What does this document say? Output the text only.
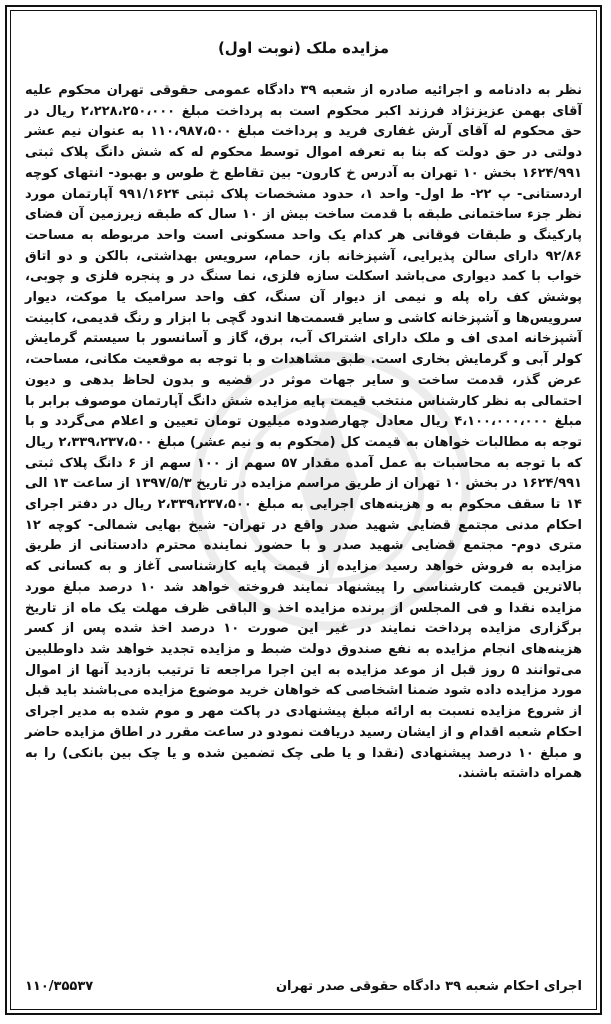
مزایده ملک (نوبت اول)

نظر به دادنامه و اجرائیه صادره از شعبه ۳۹ دادگاه عمومی حقوقی تهران محکوم علیه آقای بهمن عزیزنژاد فرزند اکبر محکوم است به پرداخت مبلغ ۲،۲۲۸،۲۵۰،۰۰۰ ریال در حق محکوم له آقای آرش غفاری فرید و پرداخت مبلغ ۱۱۰،۹۸۷،۵۰۰ به عنوان نیم عشر دولتی در حق دولت که بنا به تعرفه اموال توسط محکوم له که شش دانگ پلاک ثبتی ۱۶۲۴/۹۹۱ بخش ۱۰ تهران به آدرس خ کارون- بین تقاطع خ طوس و بهبود- انتهای کوچه اردستانی- پ ۲۲- ط اول- واحد ۱، حدود مشخصات پلاک ثبتی ۹۹۱/۱۶۲۴ آپارتمان مورد نظر جزء ساختمانی طبقه با قدمت ساخت بیش از ۱۰ سال که طبقه زیرزمین آن فضای پارکینگ و طبقات فوقانی هر کدام یک واحد مسکونی است واحد مربوطه به مساحت ۹۲/۸۶ دارای سالن پذیرایی، آشپزخانه باز، حمام، سرویس بهداشتی، بالکن و دو اتاق خواب با کمد دیواری می‌باشد اسکلت سازه فلزی، نما سنگ در و پنجره فلزی و چوبی، پوشش کف راه پله و نیمی از دیوار آن سنگ، کف واحد سرامیک یا موکت، دیوار سرویس‌ها و آشپزخانه کاشی و سایر قسمت‌ها اندود گچی با ابزار و رنگ قدیمی، کابینت آشپزخانه امدی اف و ملک دارای اشتراک آب، برق، گاز و آسانسور با سیستم گرمایش کولر آبی و گرمایش بخاری است. طبق مشاهدات و با توجه به موقعیت مکانی، مساحت، عرض گذر، قدمت ساخت و سایر جهات موثر در قضیه و بدون لحاظ بدهی و دیون احتمالی به نظر کارشناس منتخب قیمت پایه مزایده شش دانگ آپارتمان موصوف برابر با مبلغ ۴،۱۰۰،۰۰۰،۰۰۰ ریال معادل چهارصدوده میلیون تومان تعیین و اعلام می‌گردد و با توجه به مطالبات خواهان به قیمت کل (محکوم به و نیم عشر) مبلغ ۲،۳۳۹،۲۳۷،۵۰۰ ریال که با توجه به محاسبات به عمل آمده مقدار ۵۷ سهم از ۱۰۰ سهم از ۶ دانگ پلاک ثبتی ۱۶۲۴/۹۹۱ در بخش ۱۰ تهران از طریق مراسم مزایده در تاریخ ۱۳۹۷/۵/۳ از ساعت ۱۳ الی ۱۴ تا سقف محکوم به و هزینه‌های اجرایی به مبلغ ۲،۳۳۹،۲۳۷،۵۰۰ ریال در دفتر اجرای احکام مدنی مجتمع قضایی شهید صدر واقع در تهران- شیخ بهایی شمالی- کوچه ۱۲ متری دوم- مجتمع قضایی شهید صدر و با حضور نماینده محترم دادستانی از طریق مزایده به فروش خواهد رسید مزایده از قیمت پایه کارشناسی آغاز و به کسانی که بالاترین قیمت کارشناسی را پیشنهاد نمایند فروخته خواهد شد ۱۰ درصد مبلغ مورد مزایده نقدا و فی المجلس از برنده مزایده اخذ و الباقی ظرف مهلت یک ماه از تاریخ برگزاری مزایده پرداخت نمایند در غیر این صورت ۱۰ درصد اخذ شده پس از کسر هزینه‌های انجام مزایده به نفع صندوق دولت ضبط و مزایده تجدید خواهد شد داوطلبین می‌توانند ۵ روز قبل از موعد مزایده به این اجرا مراجعه تا ترتیب بازدید آنها از اموال مورد مزایده داده شود ضمنا اشخاصی که خواهان خرید موضوع مزایده می‌باشند باید قبل از شروع مزایده نسبت به ارائه مبلغ پیشنهادی در پاکت مهر و موم شده به مدیر اجرای احکام شعبه اقدام و از ایشان رسید دریافت نمودو در ساعت مقرر در اطاق مزایده حاضر و مبلغ ۱۰ درصد پیشنهادی (نقدا و یا طی چک تضمین شده و یا چک بین بانکی) را به همراه داشته باشند.

اجرای احکام شعبه ۳۹ دادگاه حقوقی صدر تهران
۱۱۰/۳۵۵۳۷
